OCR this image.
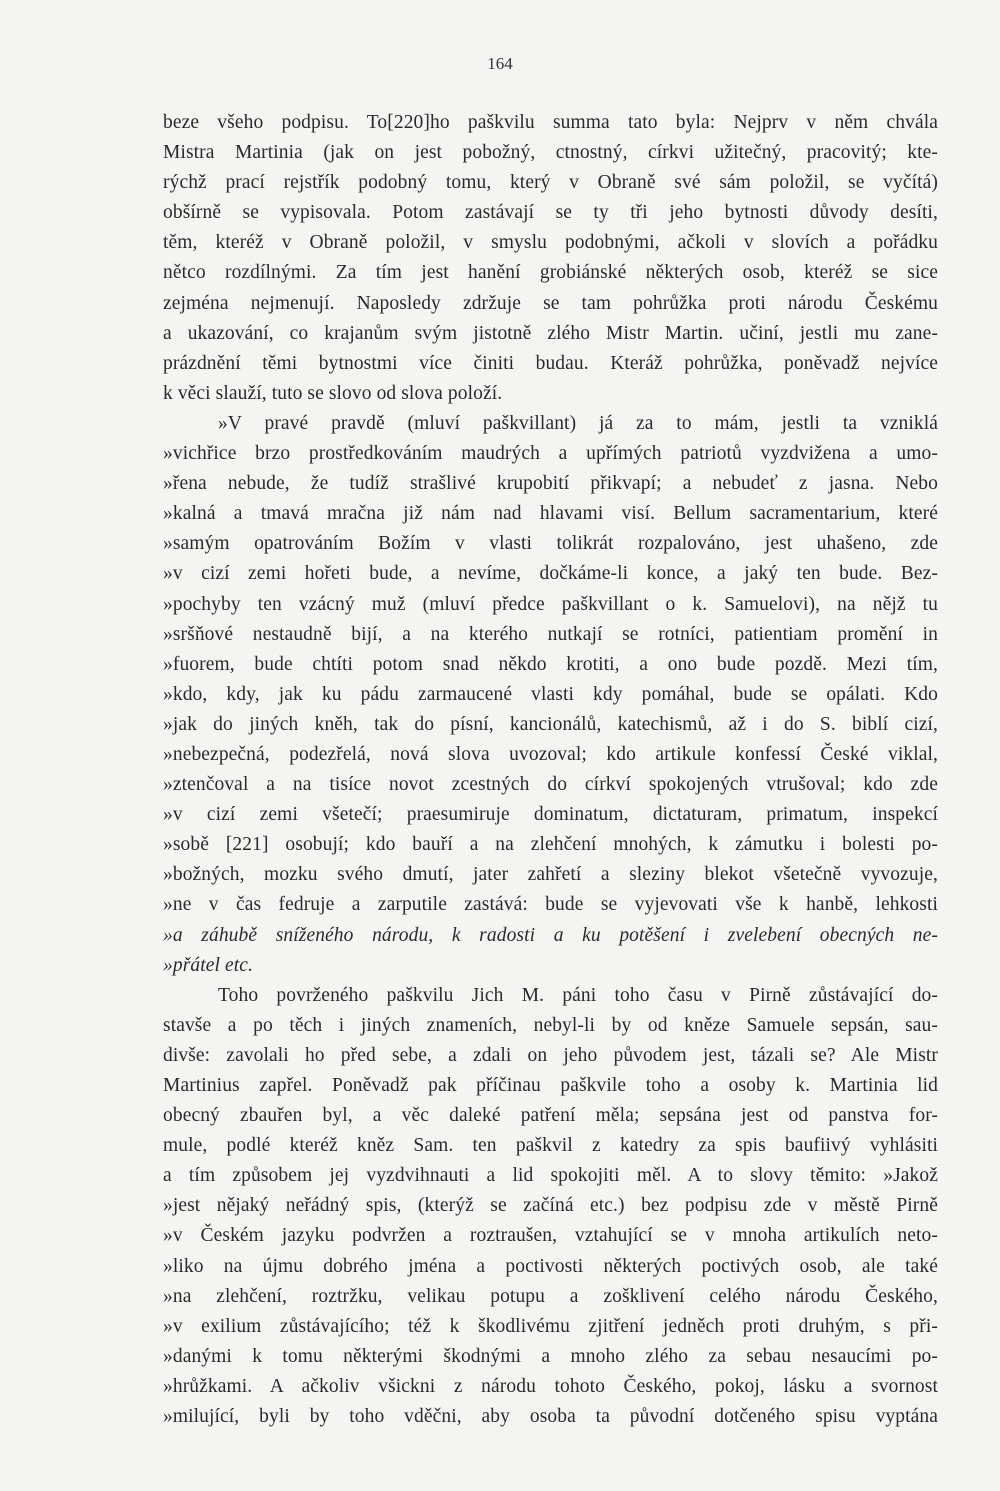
164
beze všeho podpisu. To[220]ho paškvilu summa tato byla: Nejprv v něm chvála
Mistra Martinia (jak on jest pobožný, ctnostný, církvi užitečný, pracovitý; kte-
rýchž prací rejstřík podobný tomu, který v Obraně své sám položil, se vyčítá)
obšírně se vypisovala. Potom zastávají se ty tři jeho bytnosti důvody desíti,
těm, kteréž v Obraně položil, v smyslu podobnými, ačkoli v slovích a pořádku
nětco rozdílnými. Za tím jest hanění grobiánské některých osob, kteréž se sice
zejména nejmenují. Naposledy zdržuje se tam pohrůžka proti národu Českému
a ukazování, co krajanům svým jistotně zlého Mistr Martin. učiní, jestli mu zane-
prázdnění těmi bytnostmi více činiti budau. Kteráž pohrůžka, poněvadž nejvíce
k věci slauží, tuto se slovo od slova položí.
»V pravé pravdě (mluví paškvillant) já za to mám, jestli ta vzniklá
»vichřice brzo prostředkováním maudrých a upřímých patriotů vyzdvižena a umo-
»řena nebude, že tudíž strašlivé krupobití přikvapí; a nebudeť z jasna. Nebo
»kalná a tmavá mračna již nám nad hlavami visí. Bellum sacramentarium, které
»samým opatrováním Božím v vlasti tolikrát rozpalováno, jest uhašeno, zde
»v cizí zemi hořeti bude, a nevíme, dočkáme-li konce, a jaký ten bude. Bez-
»pochyby ten vzácný muž (mluví předce paškvillant o k. Samuelovi), na nějž tu
»sršňové nestaudně bijí, a na kterého nutkají se rotníci, patientiam promění in
»fuorem, bude chtíti potom snad někdo krotiti, a ono bude pozdě. Mezi tím,
»kdo, kdy, jak ku pádu zarmaucené vlasti kdy pomáhal, bude se opálati. Kdo
»jak do jiných kněh, tak do písní, kancionálů, katechismů, až i do S. biblí cizí,
»nebezpečná, podezřelá, nová slova uvozoval; kdo artikule konfessí České viklal,
»ztenčoval a na tisíce novot zcestných do církví spokojených vtrušoval; kdo zde
»v cizí zemi všetečí; praesumiruje dominatum, dictaturam, primatum, inspekcí
»sobě [221] osobují; kdo bauří a na zlehčení mnohých, k zámutku i bolesti po-
»božných, mozku svého dmutí, jater zahřetí a sleziny blekot všetečně vyvozuje,
»ne v čas fedruje a zarputile zastává: bude se vyjevovati vše k hanbě, lehkosti
»a záhubě sníženého národu, k radosti a ku potěšení i zvelebení obecných ne-
»přátel etc.
Toho povrženého paškvilu Jich M. páni toho času v Pirně zůstávající do-
stavše a po těch i jiných znameních, nebyl-li by od kněze Samuele sepsán, sau-
divše: zavolali ho před sebe, a zdali on jeho původem jest, tázali se? Ale Mistr
Martinius zapřel. Poněvadž pak příčinau paškvile toho a osoby k. Martinia lid
obecný zbauřen byl, a věc daleké patření měla; sepsána jest od panstva for-
mule, podlé kteréž kněz Sam. ten paškvil z katedry za spis baufiivý vyhlásiti
a tím způsobem jej vyzdvihnauti a lid spokojiti měl. A to slovy těmito: »Jakož
»jest nějaký neřádný spis, (kterýž se začíná etc.) bez podpisu zde v městě Pirně
»v Českém jazyku podvržen a roztraušen, vztahující se v mnoha artikulích neto-
»liko na újmu dobrého jména a poctivosti některých poctivých osob, ale také
»na zlehčení, roztržku, velikau potupu a zošklivení celého národu Českého,
»v exilium zůstávajícího; též k škodlivému zjitření jedněch proti druhým, s při-
»danými k tomu některými škodnými a mnoho zlého za sebau nesaucími po-
»hrůžkami. A ačkoliv všickni z národu tohoto Českého, pokoj, lásku a svornost
»milující, byli by toho vděčni, aby osoba ta původní dotčeného spisu vyptána
